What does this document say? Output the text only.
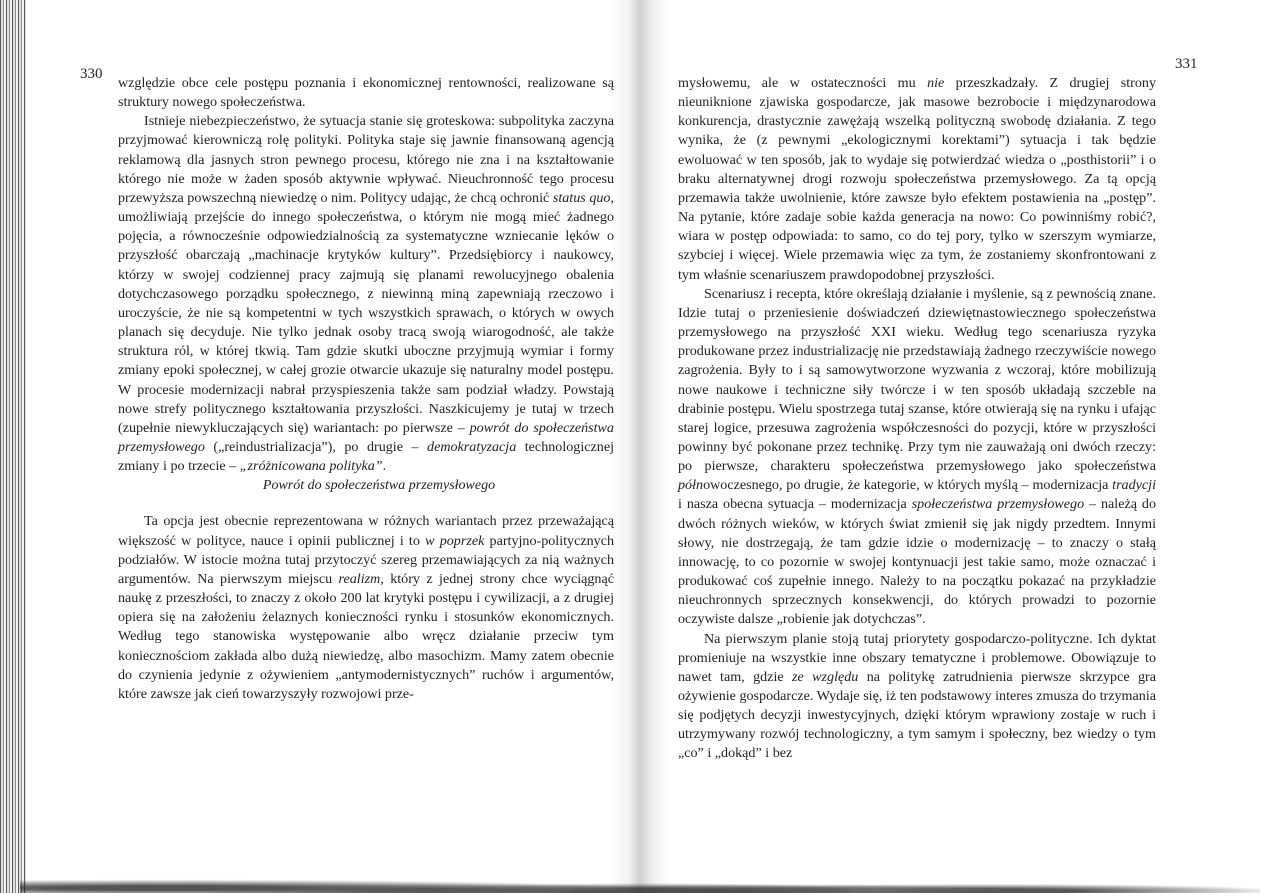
330
331

względzie obce cele postępu poznania i ekonomicznej rentowności, realizowane są struktury nowego społeczeństwa.

Istnieje niebezpieczeństwo, że sytuacja stanie się groteskowa: subpolityka zaczyna przyjmować kierowniczą rolę polityki. Polityka staje się jawnie finansowaną agencją reklamową dla jasnych stron pewnego procesu, którego nie zna i na kształtowanie którego nie może w żaden sposób aktywnie wpływać. Nieuchronność tego procesu przewyższa powszechną niewiedzę o nim. Politycy udając, że chcą ochronić status quo, umożliwiają przejście do innego społeczeństwa, o którym nie mogą mieć żadnego pojęcia, a równocześnie odpowiedzialnością za systematyczne wzniecanie lęków o przyszłość obarczają „machinacje krytyków kultury”. Przedsiębiorcy i naukowcy, którzy w swojej codziennej pracy zajmują się planami rewolucyjnego obalenia dotychczasowego porządku społecznego, z niewinną miną zapewniają rzeczowo i uroczyście, że nie są kompetentni w tych wszystkich sprawach, o których w owych planach się decyduje. Nie tylko jednak osoby tracą swoją wiarogodność, ale także struktura ról, w której tkwią. Tam gdzie skutki uboczne przyjmują wymiar i formy zmiany epoki społecznej, w całej grozie otwarcie ukazuje się naturalny model postępu. W procesie modernizacji nabrał przyspieszenia także sam podział władzy. Powstają nowe strefy politycznego kształtowania przyszłości. Naszkicujemy je tutaj w trzech (zupełnie niewykluczających się) wariantach: po pierwsze – powrót do społeczeństwa przemysłowego („reindustrializacja”), po drugie – demokratyzacja technologicznej zmiany i po trzecie – „zróżnicowana polityka”.

Powrót do społeczeństwa przemysłowego

Ta opcja jest obecnie reprezentowana w różnych wariantach przez przeważającą większość w polityce, nauce i opinii publicznej i to w poprzek partyjno-politycznych podziałów. W istocie można tutaj przytoczyć szereg przemawiających za nią ważnych argumentów. Na pierwszym miejscu realizm, który z jednej strony chce wyciągnąć naukę z przeszłości, to znaczy z około 200 lat krytyki postępu i cywilizacji, a z drugiej opiera się na założeniu żelaznych konieczności rynku i stosunków ekonomicznych. Według tego stanowiska występowanie albo wręcz działanie przeciw tym koniecznościom zakłada albo dużą niewiedzę, albo masochizm. Mamy zatem obecnie do czynienia jedynie z ożywieniem „antymodernistycznych” ruchów i argumentów, które zawsze jak cień towarzyszyły rozwojowi prze-

mysłowemu, ale w ostateczności mu nie przeszkadzały. Z drugiej strony nieuniknione zjawiska gospodarcze, jak masowe bezrobocie i międzynarodowa konkurencja, drastycznie zawężają wszelką polityczną swobodę działania. Z tego wynika, że (z pewnymi „ekologicznymi korektami”) sytuacja i tak będzie ewoluować w ten sposób, jak to wydaje się potwierdzać wiedza o „posthistorii” i o braku alternatywnej drogi rozwoju społeczeństwa przemysłowego. Za tą opcją przemawia także uwolnienie, które zawsze było efektem postawienia na „postęp”. Na pytanie, które zadaje sobie każda generacja na nowo: Co powinniśmy robić?, wiara w postęp odpowiada: to samo, co do tej pory, tylko w szerszym wymiarze, szybciej i więcej. Wiele przemawia więc za tym, że zostaniemy skonfrontowani z tym właśnie scenariuszem prawdopodobnej przyszłości.

Scenariusz i recepta, które określają działanie i myślenie, są z pewnością znane. Idzie tutaj o przeniesienie doświadczeń dziewiętnastowiecznego społeczeństwa przemysłowego na przyszłość XXI wieku. Według tego scenariusza ryzyka produkowane przez industrializację nie przedstawiają żadnego rzeczywiście nowego zagrożenia. Były to i są samowytworzone wyzwania z wczoraj, które mobilizują nowe naukowe i techniczne siły twórcze i w ten sposób układają szczeble na drabinie postępu. Wielu spostrzega tutaj szanse, które otwierają się na rynku i ufając starej logice, przesuwa zagrożenia współczesności do pozycji, które w przyszłości powinny być pokonane przez technikę. Przy tym nie zauważają oni dwóch rzeczy: po pierwsze, charakteru społeczeństwa przemysłowego jako społeczeństwa półnowoczesnego, po drugie, że kategorie, w których myślą – modernizacja tradycji i nasza obecna sytuacja – modernizacja społeczeństwa przemysłowego – należą do dwóch różnych wieków, w których świat zmienił się jak nigdy przedtem. Innymi słowy, nie dostrzegają, że tam gdzie idzie o modernizację – to znaczy o stałą innowację, to co pozornie w swojej kontynuacji jest takie samo, może oznaczać i produkować coś zupełnie innego. Należy to na początku pokazać na przykładzie nieuchronnych sprzecznych konsekwencji, do których prowadzi to pozornie oczywiste dalsze „robienie jak dotychczas”.

Na pierwszym planie stoją tutaj priorytety gospodarczo-polityczne. Ich dyktat promieniuje na wszystkie inne obszary tematyczne i problemowe. Obowiązuje to nawet tam, gdzie ze względu na politykę zatrudnienia pierwsze skrzypce gra ożywienie gospodarcze. Wydaje się, iż ten podstawowy interes zmusza do trzymania się podjętych decyzji inwestycyjnych, dzięki którym wprawiony zostaje w ruch i utrzymywany rozwój technologiczny, a tym samym i społeczny, bez wiedzy o tym „co” i „dokąd” i bez
